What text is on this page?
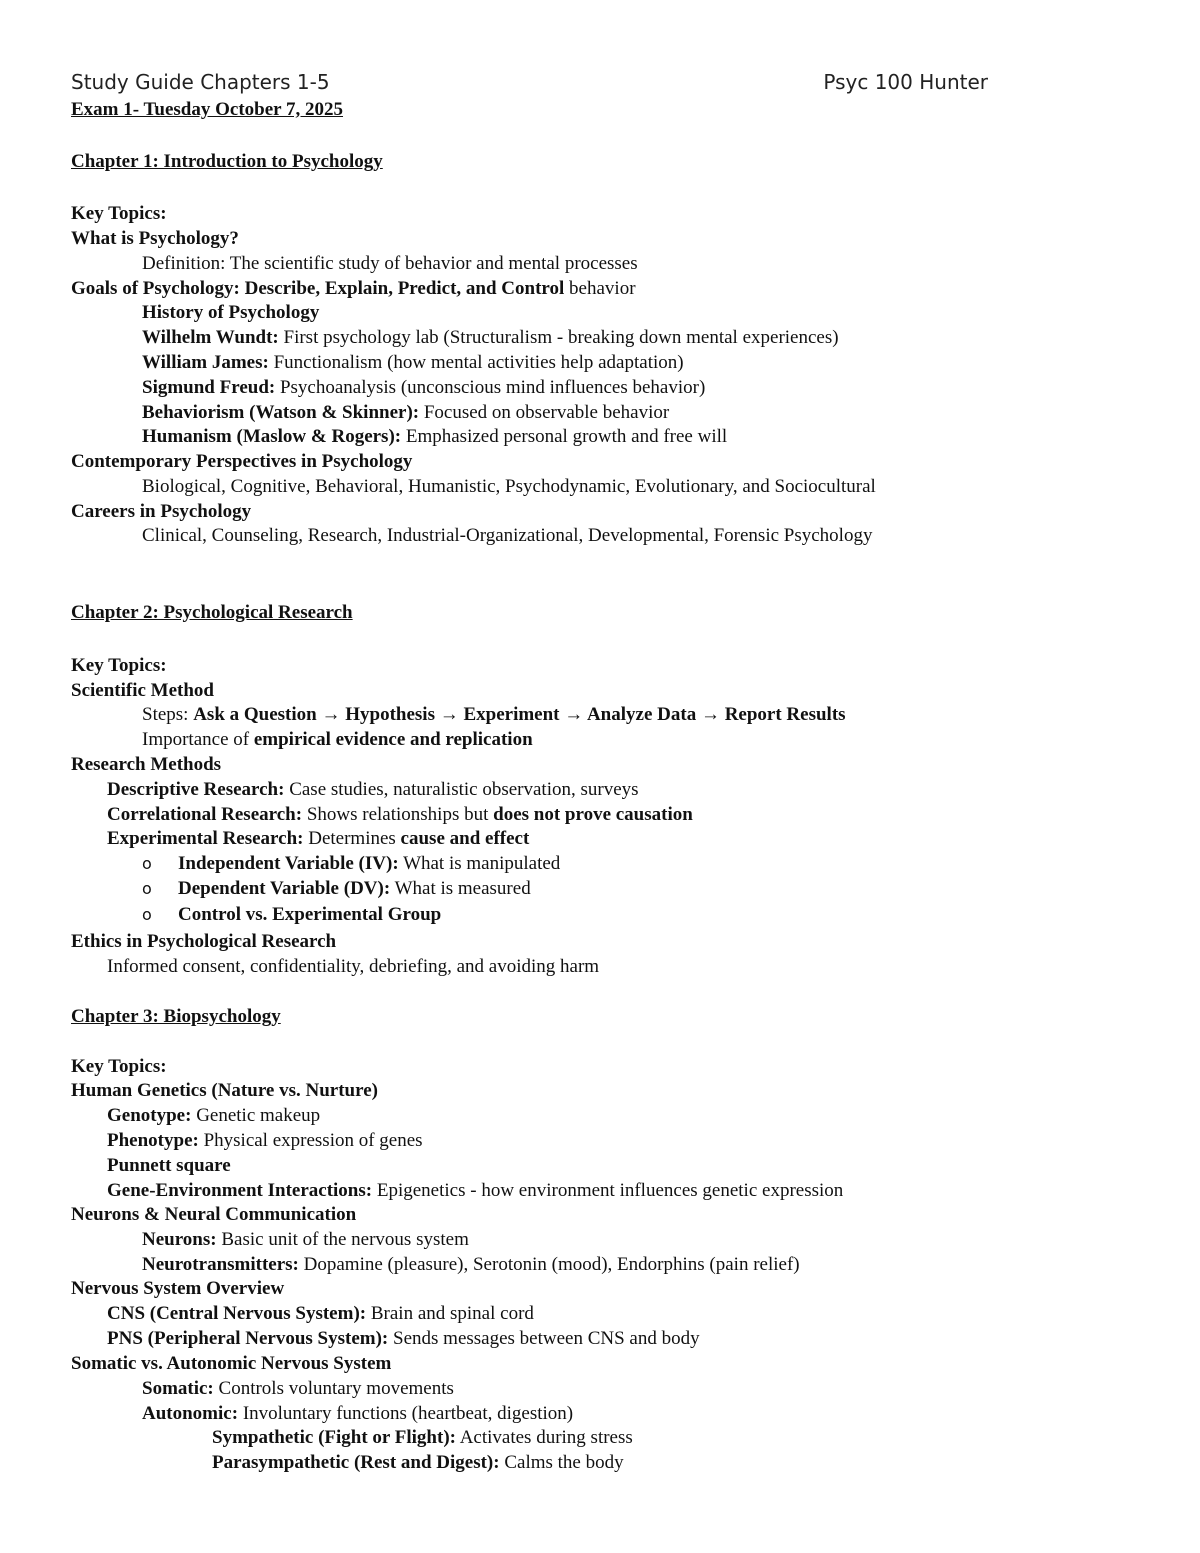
Study Guide Chapters 1-5	Psyc 100 Hunter
Exam 1- Tuesday October 7, 2025
Chapter 1: Introduction to Psychology
Key Topics:
What is Psychology?
Definition: The scientific study of behavior and mental processes
Goals of Psychology: Describe, Explain, Predict, and Control behavior
History of Psychology
Wilhelm Wundt: First psychology lab (Structuralism - breaking down mental experiences)
William James: Functionalism (how mental activities help adaptation)
Sigmund Freud: Psychoanalysis (unconscious mind influences behavior)
Behaviorism (Watson & Skinner): Focused on observable behavior
Humanism (Maslow & Rogers): Emphasized personal growth and free will
Contemporary Perspectives in Psychology
Biological, Cognitive, Behavioral, Humanistic, Psychodynamic, Evolutionary, and Sociocultural
Careers in Psychology
Clinical, Counseling, Research, Industrial-Organizational, Developmental, Forensic Psychology
Chapter 2: Psychological Research
Key Topics:
Scientific Method
Steps: Ask a Question → Hypothesis → Experiment → Analyze Data → Report Results
Importance of empirical evidence and replication
Research Methods
Descriptive Research: Case studies, naturalistic observation, surveys
Correlational Research: Shows relationships but does not prove causation
Experimental Research: Determines cause and effect
o Independent Variable (IV): What is manipulated
o Dependent Variable (DV): What is measured
o Control vs. Experimental Group
Ethics in Psychological Research
Informed consent, confidentiality, debriefing, and avoiding harm
Chapter 3: Biopsychology
Key Topics:
Human Genetics (Nature vs. Nurture)
Genotype: Genetic makeup
Phenotype: Physical expression of genes
Punnett square
Gene-Environment Interactions: Epigenetics - how environment influences genetic expression
Neurons & Neural Communication
Neurons: Basic unit of the nervous system
Neurotransmitters: Dopamine (pleasure), Serotonin (mood), Endorphins (pain relief)
Nervous System Overview
CNS (Central Nervous System): Brain and spinal cord
PNS (Peripheral Nervous System): Sends messages between CNS and body
Somatic vs. Autonomic Nervous System
Somatic: Controls voluntary movements
Autonomic: Involuntary functions (heartbeat, digestion)
Sympathetic (Fight or Flight): Activates during stress
Parasympathetic (Rest and Digest): Calms the body
